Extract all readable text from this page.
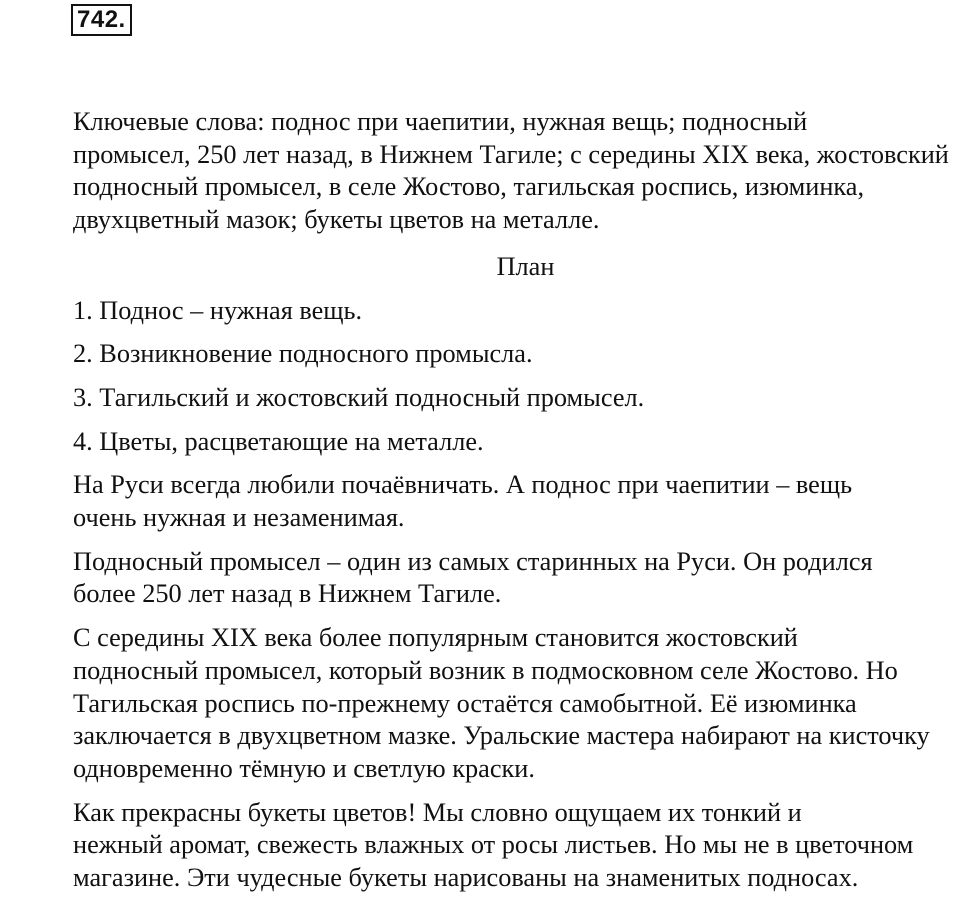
742.

Ключевые слова: поднос при чаепитии, нужная вещь; подносный
промысел, 250 лет назад, в Нижнем Тагиле; с середины XIX века, жостовский
подносный промысел, в селе Жостово, тагильская роспись, изюминка,
двухцветный мазок; букеты цветов на металле.

План

1. Поднос – нужная вещь.

2. Возникновение подносного промысла.

3. Тагильский и жостовский подносный промысел.

4. Цветы, расцветающие на металле.

На Руси всегда любили почаёвничать. А поднос при чаепитии – вещь
очень нужная и незаменимая.

Подносный промысел – один из самых старинных на Руси. Он родился
более 250 лет назад в Нижнем Тагиле.

С середины XIX века более популярным становится жостовский
подносный промысел, который возник в подмосковном селе Жостово. Но
Тагильская роспись по-прежнему остаётся самобытной. Её изюминка
заключается в двухцветном мазке. Уральские мастера набирают на кисточку
одновременно тёмную и светлую краски.

Как прекрасны букеты цветов! Мы словно ощущаем их тонкий и
нежный аромат, свежесть влажных от росы листьев. Но мы не в цветочном
магазине. Эти чудесные букеты нарисованы на знаменитых подносах.
